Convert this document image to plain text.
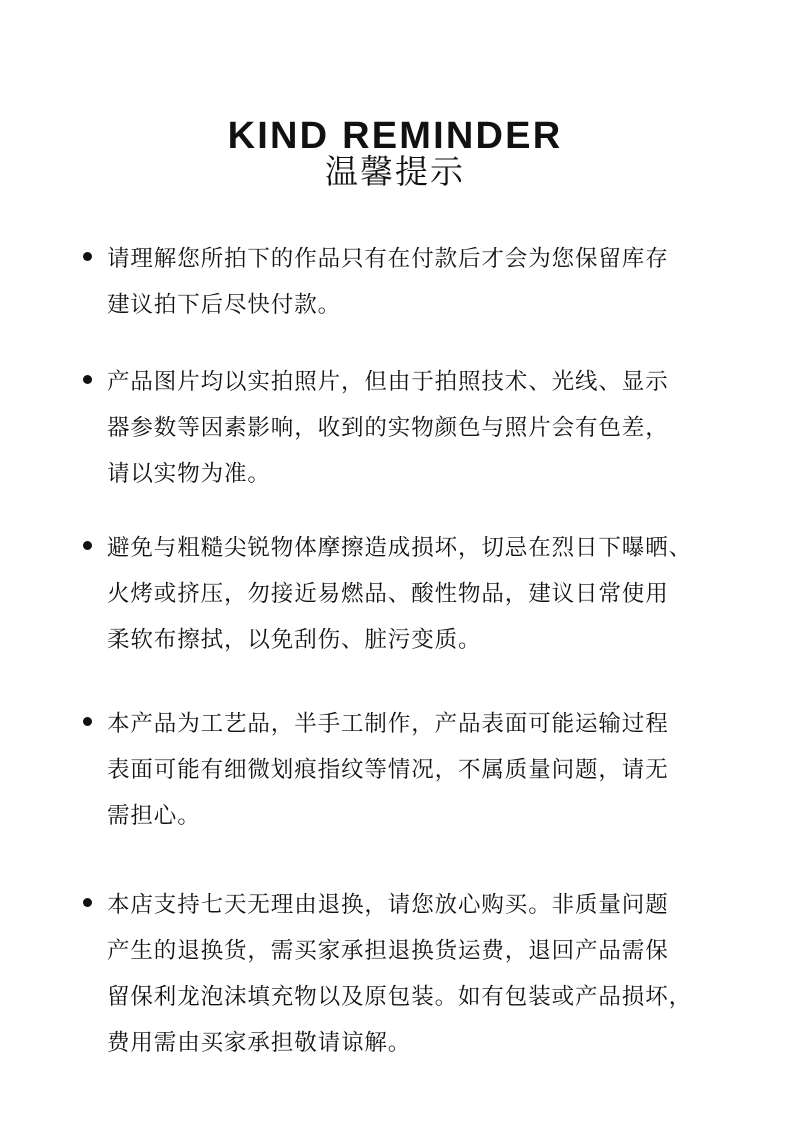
KIND REMINDER
温馨提示
请理解您所拍下的作品只有在付款后才会为您保留库存
建议拍下后尽快付款。
产品图片均以实拍照片，但由于拍照技术、光线、显示
器参数等因素影响，收到的实物颜色与照片会有色差，
请以实物为准。
避免与粗糙尖锐物体摩擦造成损坏，切忌在烈日下曝晒、
火烤或挤压，勿接近易燃品、酸性物品，建议日常使用
柔软布擦拭，以免刮伤、脏污变质。
本产品为工艺品，半手工制作，产品表面可能运输过程
表面可能有细微划痕指纹等情况，不属质量问题，请无
需担心。
本店支持七天无理由退换，请您放心购买。非质量问题
产生的退换货，需买家承担退换货运费，退回产品需保
留保利龙泡沫填充物以及原包装。如有包装或产品损坏，
费用需由买家承担敬请谅解。
